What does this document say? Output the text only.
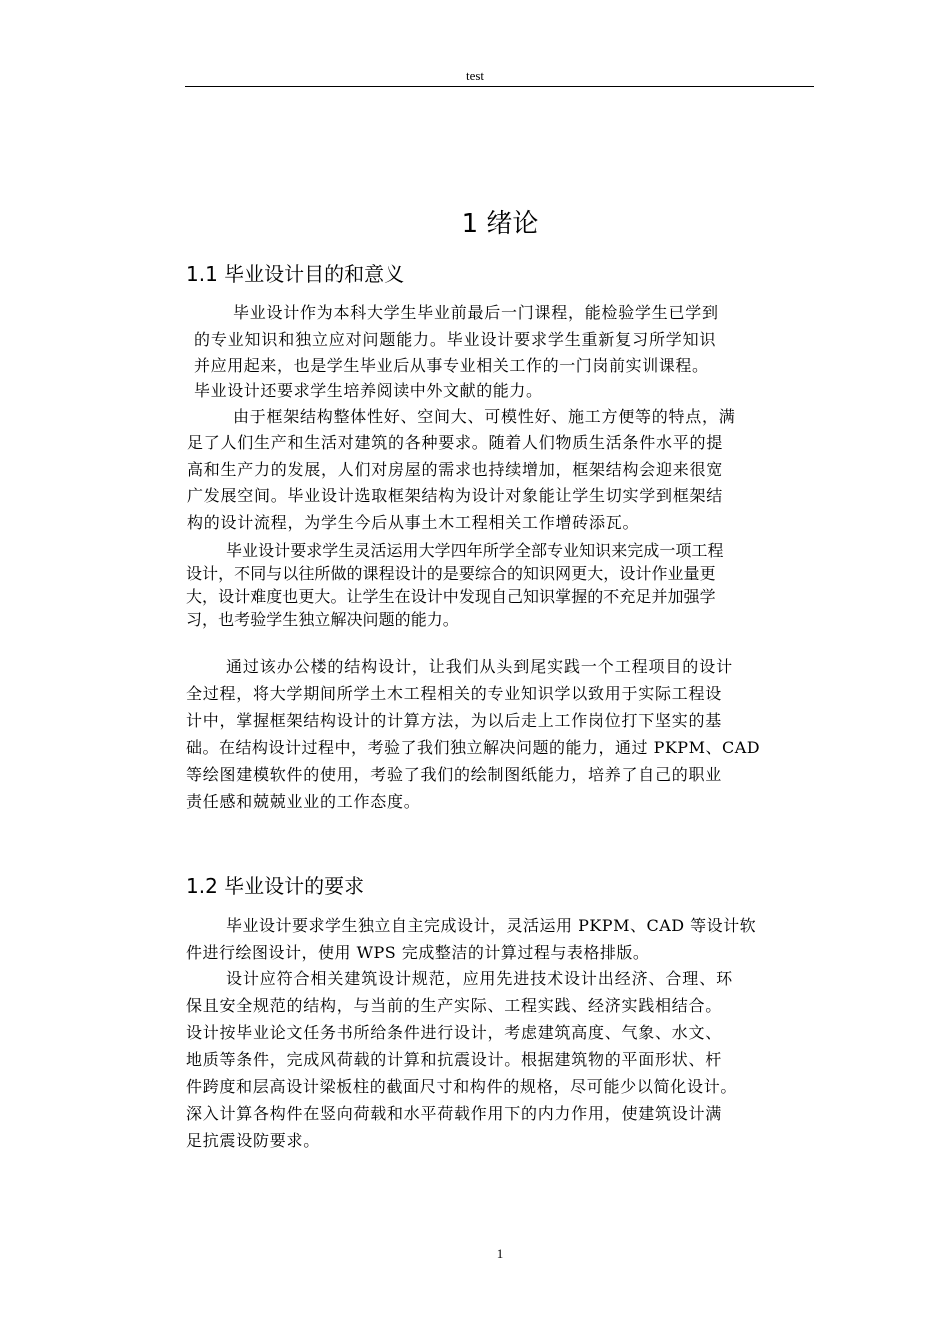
test
1 绪论
1.1 毕业设计目的和意义
毕业设计作为本科大学生毕业前最后一门课程，能检验学生已学到
的专业知识和独立应对问题能力。毕业设计要求学生重新复习所学知识
并应用起来，也是学生毕业后从事专业相关工作的一门岗前实训课程。
毕业设计还要求学生培养阅读中外文献的能力。
由于框架结构整体性好、空间大、可模性好、施工方便等的特点，满
足了人们生产和生活对建筑的各种要求。随着人们物质生活条件水平的提
高和生产力的发展，人们对房屋的需求也持续增加，框架结构会迎来很宽
广发展空间。毕业设计选取框架结构为设计对象能让学生切实学到框架结
构的设计流程，为学生今后从事土木工程相关工作增砖添瓦。
毕业设计要求学生灵活运用大学四年所学全部专业知识来完成一项工程
设计，不同与以往所做的课程设计的是要综合的知识网更大，设计作业量更
大，设计难度也更大。让学生在设计中发现自己知识掌握的不充足并加强学
习，也考验学生独立解决问题的能力。
通过该办公楼的结构设计，让我们从头到尾实践一个工程项目的设计
全过程，将大学期间所学土木工程相关的专业知识学以致用于实际工程设
计中，掌握框架结构设计的计算方法，为以后走上工作岗位打下坚实的基
础。在结构设计过程中，考验了我们独立解决问题的能力，通过 PKPM、CAD
等绘图建模软件的使用，考验了我们的绘制图纸能力，培养了自己的职业
责任感和兢兢业业的工作态度。
1.2 毕业设计的要求
毕业设计要求学生独立自主完成设计，灵活运用 PKPM、CAD 等设计软
件进行绘图设计，使用 WPS 完成整洁的计算过程与表格排版。
设计应符合相关建筑设计规范，应用先进技术设计出经济、合理、环
保且安全规范的结构，与当前的生产实际、工程实践、经济实践相结合。
设计按毕业论文任务书所给条件进行设计，考虑建筑高度、气象、水文、
地质等条件，完成风荷载的计算和抗震设计。根据建筑物的平面形状、杆
件跨度和层高设计梁板柱的截面尺寸和构件的规格，尽可能少以简化设计。
深入计算各构件在竖向荷载和水平荷载作用下的内力作用，使建筑设计满
足抗震设防要求。
1
